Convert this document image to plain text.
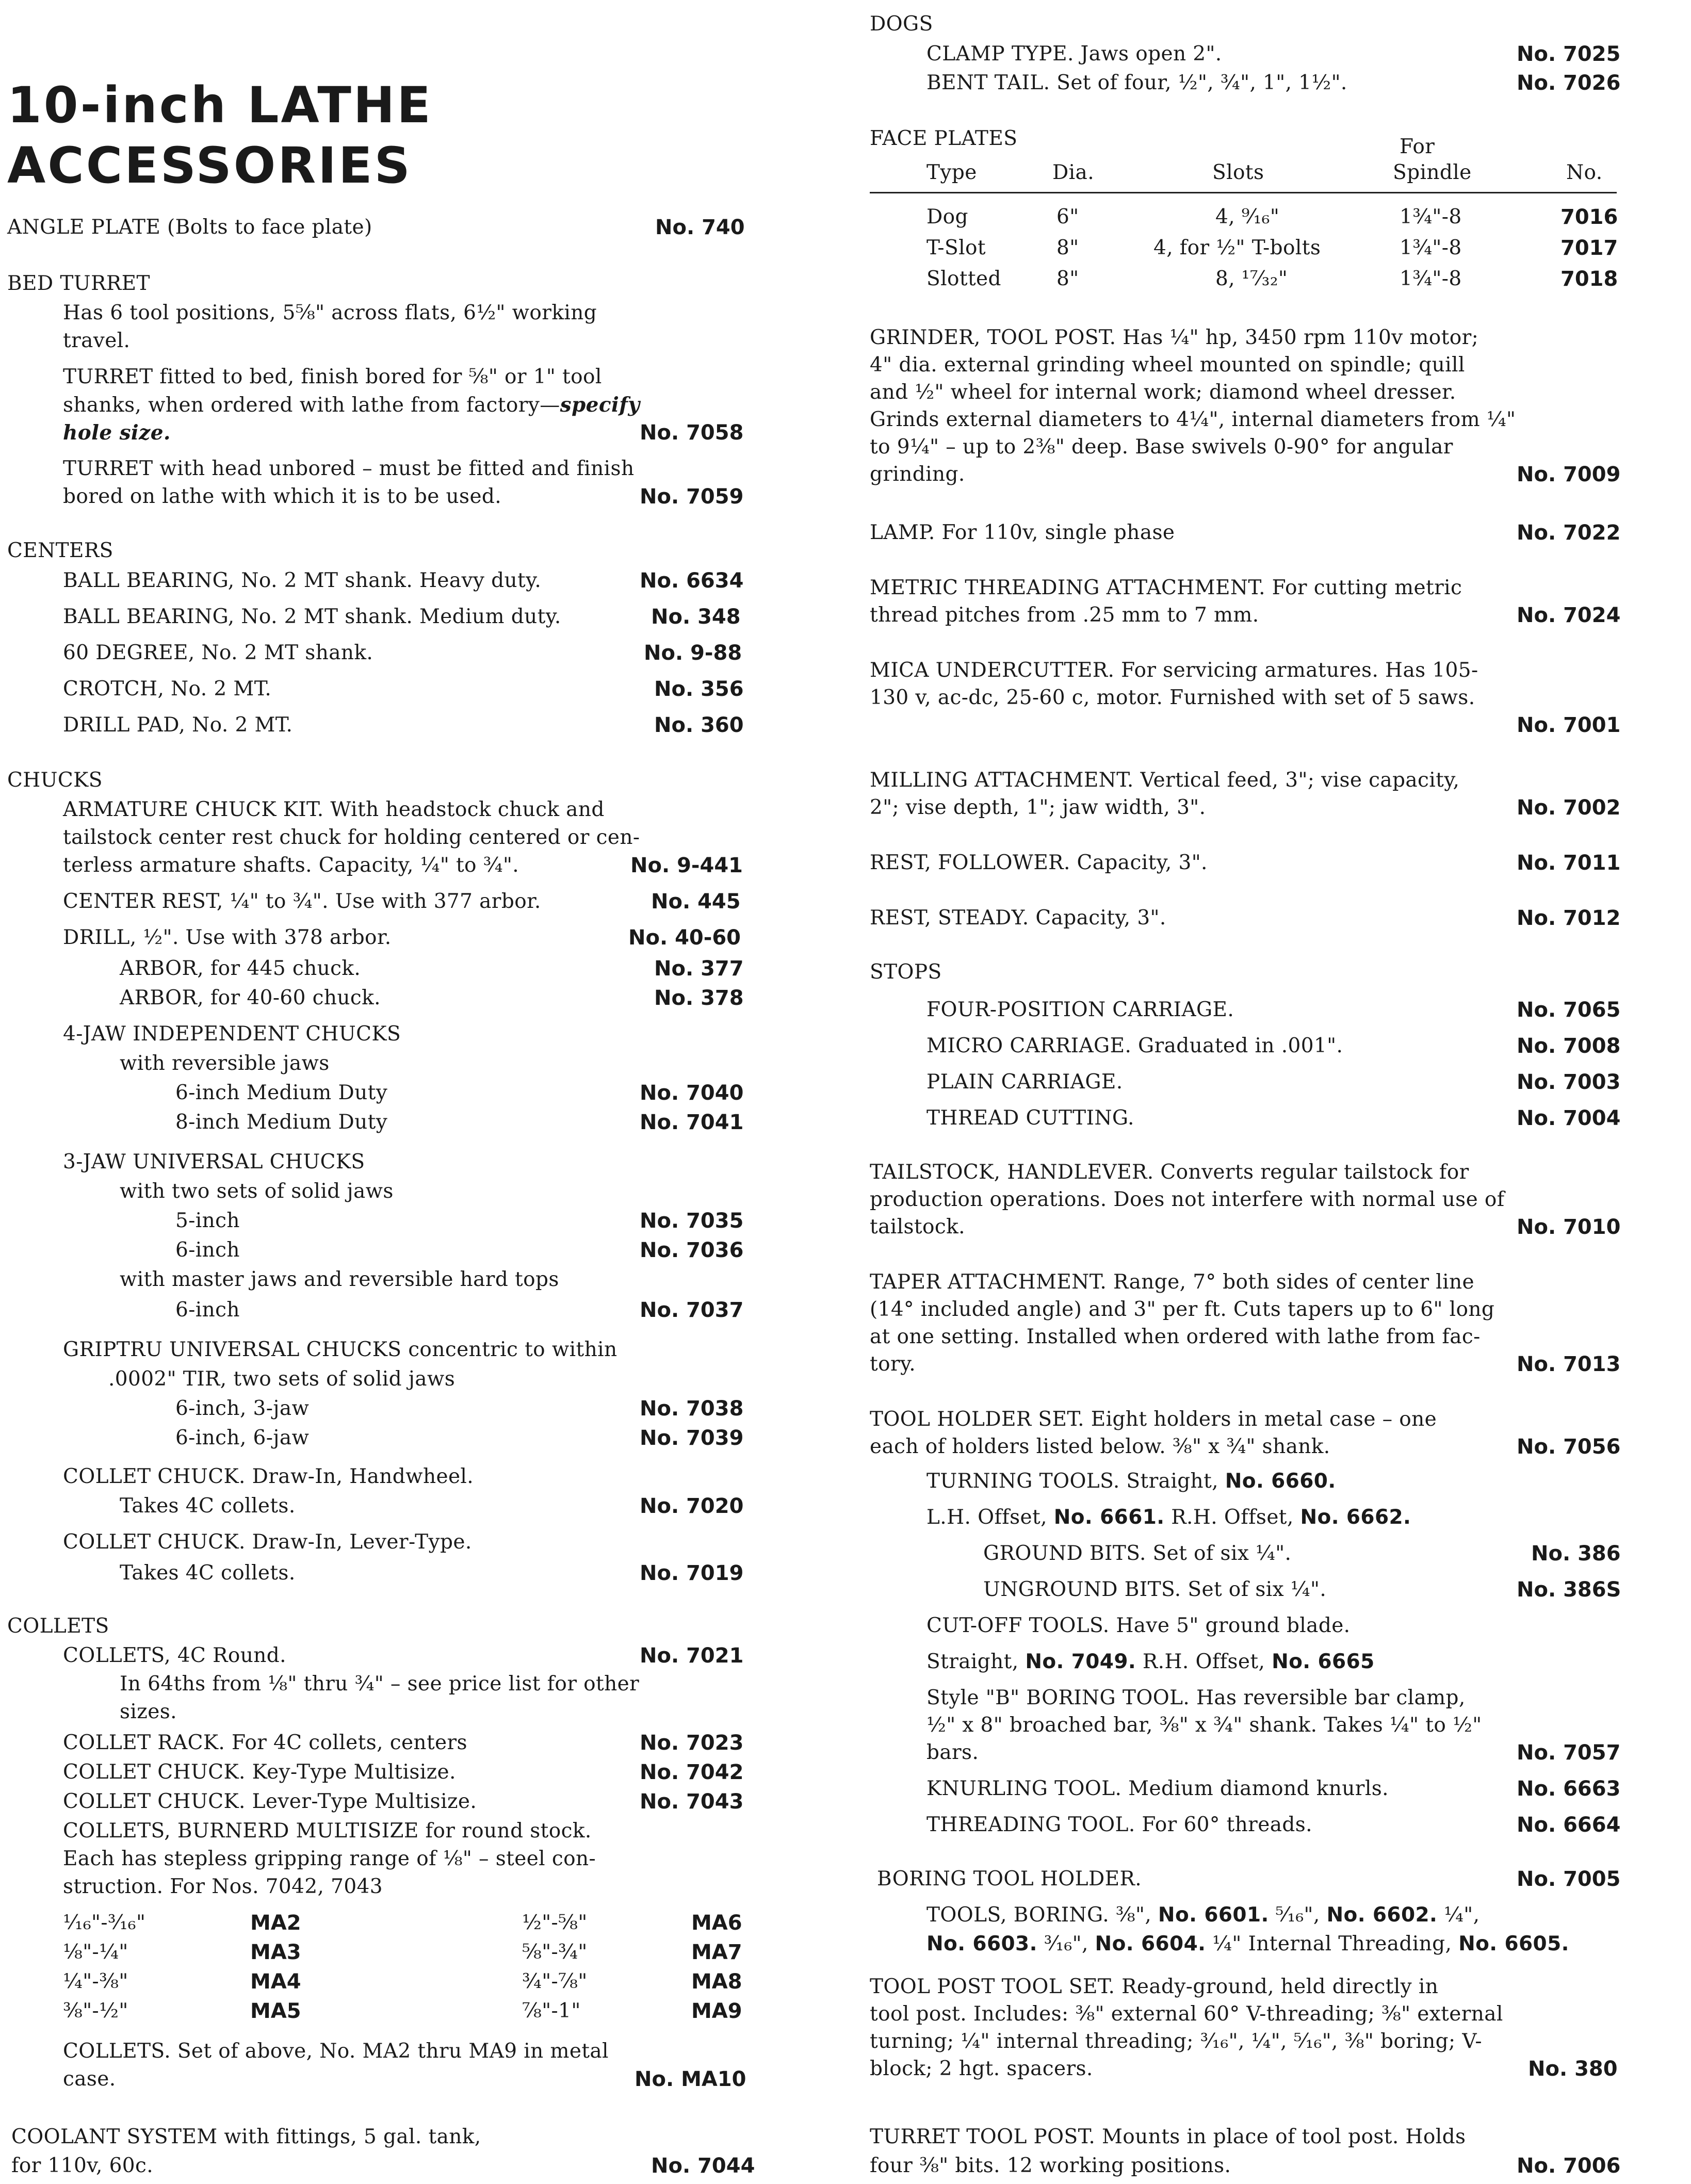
10-inch LATHE
ACCESSORIES
ANGLE PLATE (Bolts to face plate)	No. 740
BED TURRET
Has 6 tool positions, 5⅝" across flats, 6½" working
travel.
TURRET fitted to bed, finish bored for ⅝" or 1" tool
shanks, when ordered with lathe from factory—specify
hole size.	No. 7058
TURRET with head unbored – must be fitted and finish
bored on lathe with which it is to be used.	No. 7059
CENTERS
BALL BEARING, No. 2 MT shank. Heavy duty.	No. 6634
BALL BEARING, No. 2 MT shank. Medium duty.	No. 348
60 DEGREE, No. 2 MT shank.	No. 9-88
CROTCH, No. 2 MT.	No. 356
DRILL PAD, No. 2 MT.	No. 360
CHUCKS
ARMATURE CHUCK KIT. With headstock chuck and
tailstock center rest chuck for holding centered or cen-
terless armature shafts. Capacity, ¼" to ¾".	No. 9-441
CENTER REST, ¼" to ¾". Use with 377 arbor.	No. 445
DRILL, ½". Use with 378 arbor.	No. 40-60
ARBOR, for 445 chuck.	No. 377
ARBOR, for 40-60 chuck.	No. 378
4-JAW INDEPENDENT CHUCKS
with reversible jaws
6-inch Medium Duty	No. 7040
8-inch Medium Duty	No. 7041
3-JAW UNIVERSAL CHUCKS
with two sets of solid jaws
5-inch	No. 7035
6-inch	No. 7036
with master jaws and reversible hard tops
6-inch	No. 7037
GRIPTRU UNIVERSAL CHUCKS concentric to within
.0002" TIR, two sets of solid jaws
6-inch, 3-jaw	No. 7038
6-inch, 6-jaw	No. 7039
COLLET CHUCK. Draw-In, Handwheel.
Takes 4C collets.	No. 7020
COLLET CHUCK. Draw-In, Lever-Type.
Takes 4C collets.	No. 7019
COLLETS
COLLETS, 4C Round.	No. 7021
In 64ths from ⅛" thru ¾" – see price list for other
sizes.
COLLET RACK. For 4C collets, centers	No. 7023
COLLET CHUCK. Key-Type Multisize.	No. 7042
COLLET CHUCK. Lever-Type Multisize.	No. 7043
COLLETS, BURNERD MULTISIZE for round stock.
Each has stepless gripping range of ⅛" – steel con-
struction. For Nos. 7042, 7043
¹⁄₁₆"-³⁄₁₆"	MA2	½"-⅝"	MA6
⅛"-¼"	MA3	⅝"-¾"	MA7
¼"-⅜"	MA4	¾"-⅞"	MA8
⅜"-½"	MA5	⅞"-1"	MA9
COLLETS. Set of above, No. MA2 thru MA9 in metal
case.	No. MA10
COOLANT SYSTEM with fittings, 5 gal. tank,
for 110v, 60c.	No. 7044
DOGS
CLAMP TYPE. Jaws open 2".	No. 7025
BENT TAIL. Set of four, ½", ¾", 1", 1½".	No. 7026
FACE PLATES	For
Type	Dia.	Slots	Spindle	No.
Dog	6"	4, ⁹⁄₁₆"	1¾"-8	7016
T-Slot	8"	4, for ½" T-bolts	1¾"-8	7017
Slotted	8"	8, ¹⁷⁄₃₂"	1¾"-8	7018
GRINDER, TOOL POST. Has ¼" hp, 3450 rpm 110v motor;
4" dia. external grinding wheel mounted on spindle; quill
and ½" wheel for internal work; diamond wheel dresser.
Grinds external diameters to 4¼", internal diameters from ¼"
to 9¼" – up to 2⅜" deep. Base swivels 0-90° for angular
grinding.	No. 7009
LAMP. For 110v, single phase	No. 7022
METRIC THREADING ATTACHMENT. For cutting metric
thread pitches from .25 mm to 7 mm.	No. 7024
MICA UNDERCUTTER. For servicing armatures. Has 105-
130 v, ac-dc, 25-60 c, motor. Furnished with set of 5 saws.
No. 7001
MILLING ATTACHMENT. Vertical feed, 3"; vise capacity,
2"; vise depth, 1"; jaw width, 3".	No. 7002
REST, FOLLOWER. Capacity, 3".	No. 7011
REST, STEADY. Capacity, 3".	No. 7012
STOPS
FOUR-POSITION CARRIAGE.	No. 7065
MICRO CARRIAGE. Graduated in .001".	No. 7008
PLAIN CARRIAGE.	No. 7003
THREAD CUTTING.	No. 7004
TAILSTOCK, HANDLEVER. Converts regular tailstock for
production operations. Does not interfere with normal use of
tailstock.	No. 7010
TAPER ATTACHMENT. Range, 7° both sides of center line
(14° included angle) and 3" per ft. Cuts tapers up to 6" long
at one setting. Installed when ordered with lathe from fac-
tory.	No. 7013
TOOL HOLDER SET. Eight holders in metal case – one
each of holders listed below. ⅜" x ¾" shank.	No. 7056
TURNING TOOLS. Straight, No. 6660.
L.H. Offset, No. 6661. R.H. Offset, No. 6662.
GROUND BITS. Set of six ¼".	No. 386
UNGROUND BITS. Set of six ¼".	No. 386S
CUT-OFF TOOLS. Have 5" ground blade.
Straight, No. 7049. R.H. Offset, No. 6665
Style "B" BORING TOOL. Has reversible bar clamp,
½" x 8" broached bar, ⅜" x ¾" shank. Takes ¼" to ½"
bars.	No. 7057
KNURLING TOOL. Medium diamond knurls.	No. 6663
THREADING TOOL. For 60° threads.	No. 6664
BORING TOOL HOLDER.	No. 7005
TOOLS, BORING. ⅜", No. 6601. ⁵⁄₁₆", No. 6602. ¼",
No. 6603. ³⁄₁₆", No. 6604. ¼" Internal Threading, No. 6605.
TOOL POST TOOL SET. Ready-ground, held directly in
tool post. Includes: ⅜" external 60° V-threading; ⅜" external
turning; ¼" internal threading; ³⁄₁₆", ¼", ⁵⁄₁₆", ⅜" boring; V-
block; 2 hgt. spacers.	No. 380
TURRET TOOL POST. Mounts in place of tool post. Holds
four ⅜" bits. 12 working positions.	No. 7006
